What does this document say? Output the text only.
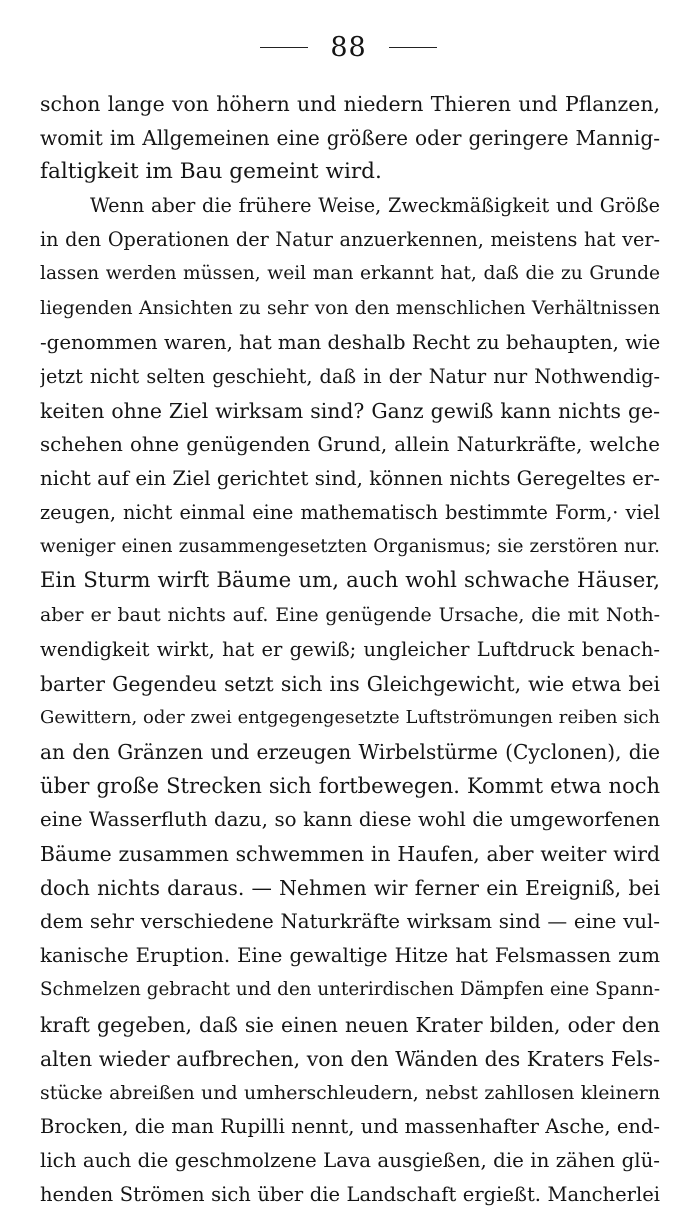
88
schon lange von höhern und niedern Thieren und Pflanzen,
womit im Allgemeinen eine größere oder geringere Mannig-
faltigkeit im Bau gemeint wird.
Wenn aber die frühere Weise, Zweckmäßigkeit und Größe
in den Operationen der Natur anzuerkennen, meistens hat ver-
lassen werden müssen, weil man erkannt hat, daß die zu Grunde
liegenden Ansichten zu sehr von den menschlichen Verhältnissen
-genommen waren, hat man deshalb Recht zu behaupten, wie
jetzt nicht selten geschieht, daß in der Natur nur Nothwendig-
keiten ohne Ziel wirksam sind? Ganz gewiß kann nichts ge-
schehen ohne genügenden Grund, allein Naturkräfte, welche
nicht auf ein Ziel gerichtet sind, können nichts Geregeltes er-
zeugen, nicht einmal eine mathematisch bestimmte Form,· viel
weniger einen zusammengesetzten Organismus; sie zerstören nur.
Ein Sturm wirft Bäume um, auch wohl schwache Häuser,
aber er baut nichts auf. Eine genügende Ursache, die mit Noth-
wendigkeit wirkt, hat er gewiß; ungleicher Luftdruck benach-
barter Gegendeu setzt sich ins Gleichgewicht, wie etwa bei
Gewittern, oder zwei entgegengesetzte Luftströmungen reiben sich
an den Gränzen und erzeugen Wirbelstürme (Cyclonen), die
über große Strecken sich fortbewegen. Kommt etwa noch
eine Wasserfluth dazu, so kann diese wohl die umgeworfenen
Bäume zusammen schwemmen in Haufen, aber weiter wird
doch nichts daraus. — Nehmen wir ferner ein Ereigniß, bei
dem sehr verschiedene Naturkräfte wirksam sind — eine vul-
kanische Eruption. Eine gewaltige Hitze hat Felsmassen zum
Schmelzen gebracht und den unterirdischen Dämpfen eine Spann-
kraft gegeben, daß sie einen neuen Krater bilden, oder den
alten wieder aufbrechen, von den Wänden des Kraters Fels-
stücke abreißen und umherschleudern, nebst zahllosen kleinern
Brocken, die man Rupilli nennt, und massenhafter Asche, end-
lich auch die geschmolzene Lava ausgießen, die in zähen glü-
henden Strömen sich über die Landschaft ergießt. Mancherlei
